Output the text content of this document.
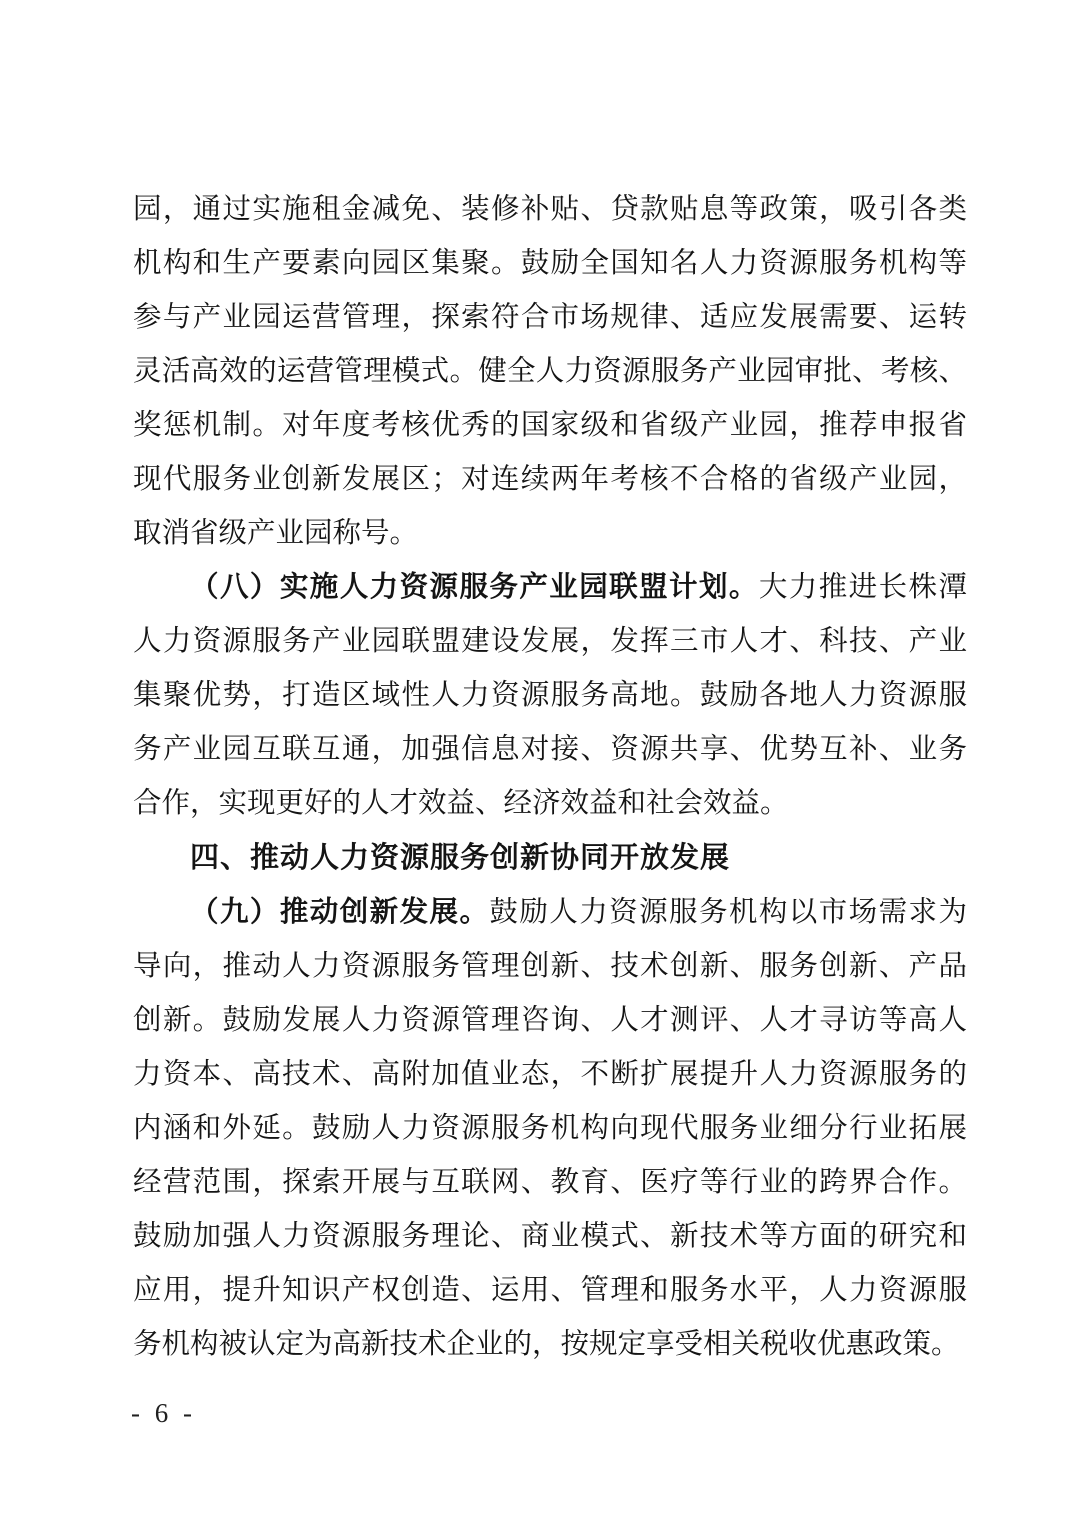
园，通过实施租金减免、装修补贴、贷款贴息等政策，吸引各类
机构和生产要素向园区集聚。鼓励全国知名人力资源服务机构等
参与产业园运营管理，探索符合市场规律、适应发展需要、运转
灵活高效的运营管理模式。健全人力资源服务产业园审批、考核、
奖惩机制。对年度考核优秀的国家级和省级产业园，推荐申报省
现代服务业创新发展区；对连续两年考核不合格的省级产业园，
取消省级产业园称号。
（八）实施人力资源服务产业园联盟计划。大力推进长株潭
人力资源服务产业园联盟建设发展，发挥三市人才、科技、产业
集聚优势，打造区域性人力资源服务高地。鼓励各地人力资源服
务产业园互联互通，加强信息对接、资源共享、优势互补、业务
合作，实现更好的人才效益、经济效益和社会效益。
四、推动人力资源服务创新协同开放发展
（九）推动创新发展。鼓励人力资源服务机构以市场需求为
导向，推动人力资源服务管理创新、技术创新、服务创新、产品
创新。鼓励发展人力资源管理咨询、人才测评、人才寻访等高人
力资本、高技术、高附加值业态，不断扩展提升人力资源服务的
内涵和外延。鼓励人力资源服务机构向现代服务业细分行业拓展
经营范围，探索开展与互联网、教育、医疗等行业的跨界合作。
鼓励加强人力资源服务理论、商业模式、新技术等方面的研究和
应用，提升知识产权创造、运用、管理和服务水平，人力资源服
务机构被认定为高新技术企业的，按规定享受相关税收优惠政策。
- 6 -
